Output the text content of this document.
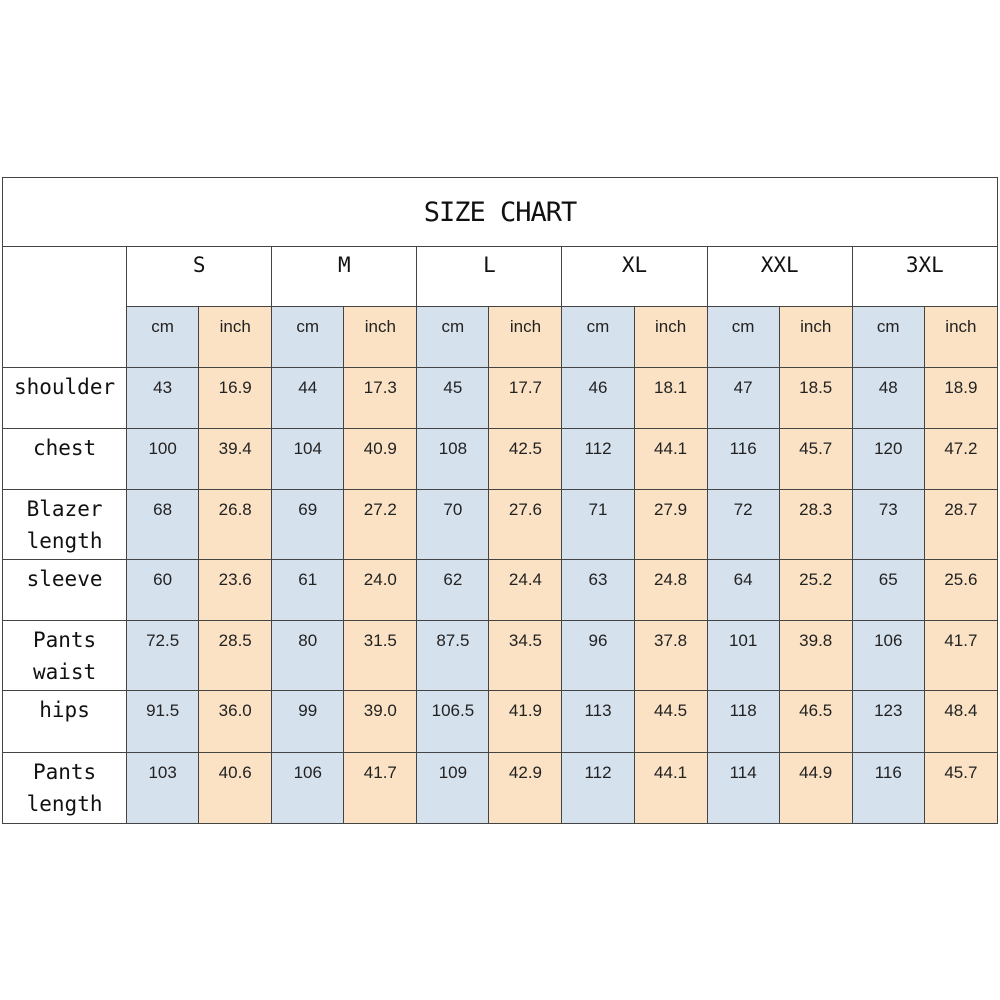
SIZE CHART												
	S		M		L		XL		XXL		3XL	
	cm	inch	cm	inch	cm	inch	cm	inch	cm	inch	cm	inch

shoulder	43	16.9	44	17.3	45	17.7	46	18.1	47	18.5	48	18.9

chest	100	39.4	104	40.9	108	42.5	112	44.1	116	45.7	120	47.2

Blazer
length	68	26.8	69	27.2	70	27.6	71	27.9	72	28.3	73	28.7

sleeve	60	23.6	61	24.0	62	24.4	63	24.8	64	25.2	65	25.6

Pants
waist	72.5	28.5	80	31.5	87.5	34.5	96	37.8	101	39.8	106	41.7

hips	91.5	36.0	99	39.0	106.5	41.9	113	44.5	118	46.5	123	48.4

Pants
length	103	40.6	106	41.7	109	42.9	112	44.1	114	44.9	116	45.7
